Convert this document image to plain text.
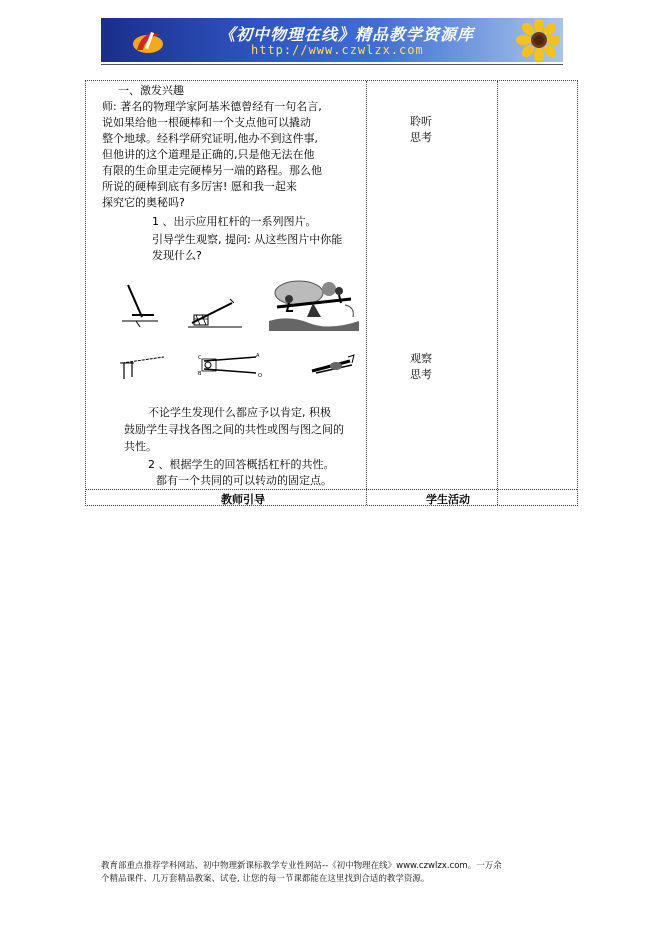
《初中物理在线》精品教学资源库
http://www.czwlzx.com
一、激发兴趣
师: 著名的物理学家阿基米德曾经有一句名言,
说如果给他一根硬棒和一个支点他可以撬动
整个地球。经科学研究证明,他办不到这件事,
但他讲的这个道理是正确的,只是他无法在他
有限的生命里走完硬棒另一端的路程。那么他
所说的硬棒到底有多厉害! 愿和我一起来
探究它的奥秘吗?
1 、出示应用杠杆的一系列图片。
引导学生观察, 提问: 从这些图片中你能
发现什么?
C
B
A
O
不论学生发现什么都应予以肯定, 积极
鼓励学生寻找各图之间的共性或图与图之间的
共性。
2 、根据学生的回答概括杠杆的共性。
都有一个共同的可以转动的固定点。
聆听
思考
观察
思考
教师引导	学生活动
教育部重点推荐学科网站、初中物理新课标教学专业性网站--《初中物理在线》www.czwlzx.com。一万余
个精品课件、几万套精品教案、试卷, 让您的每一节课都能在这里找到合适的教学资源。
